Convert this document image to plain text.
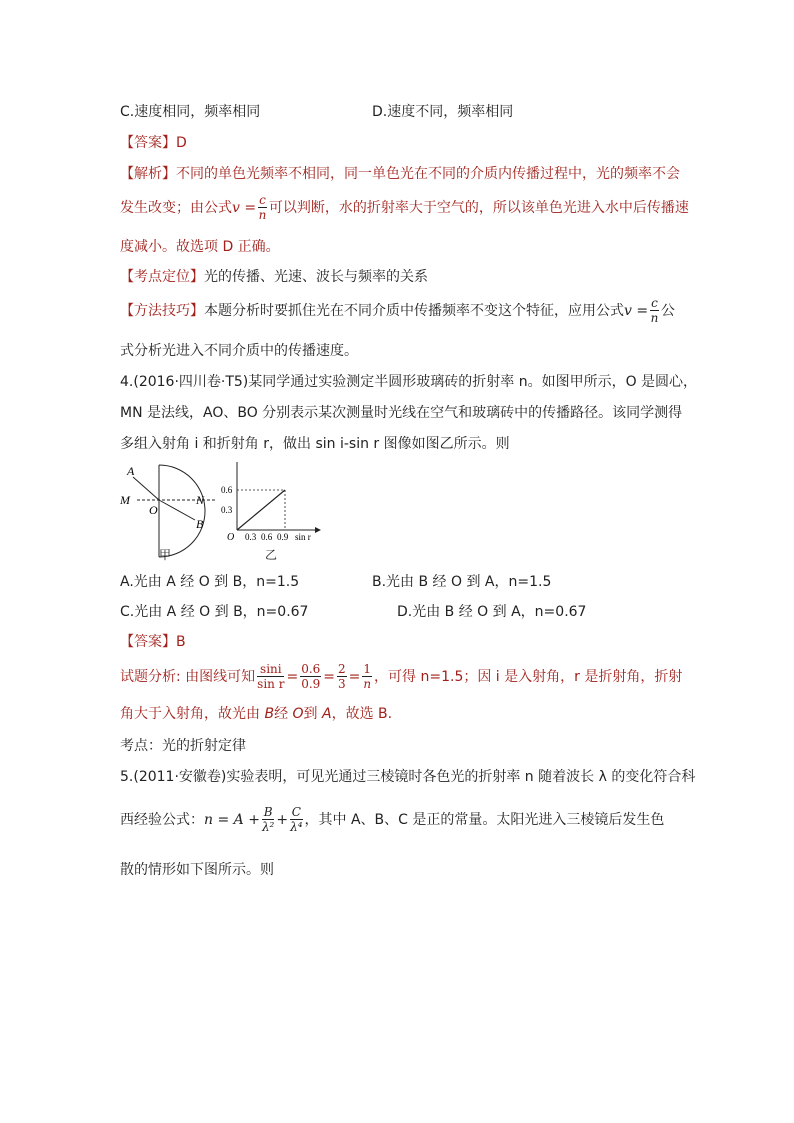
C.速度相同，频率相同	D.速度不同，频率相同
【答案】D
【解析】不同的单色光频率不相同，同一单色光在不同的介质内传播过程中，光的频率不会
发生改变；由公式$v = \frac{c}{n}$ 可以判断，水的折射率大于空气的，所以该单色光进入水中后传播速
度减小。故选项 D 正确。
【考点定位】光的传播、光速、波长与频率的关系
【方法技巧】本题分析时要抓住光在不同介质中传播频率不变这个特征，应用公式$v = \frac{c}{n}$ 公
式分析光进入不同介质中的传播速度。
4.(2016·四川卷·T5)某同学通过实验测定半圆形玻璃砖的折射率 n。如图甲所示，O 是圆心，
MN 是法线，AO、BO 分别表示某次测量时光线在空气和玻璃砖中的传播路径。该同学测得
多组入射角 i 和折射角 r，做出 sin i-sin r 图像如图乙所示。则
A
M
O
N
B
0.6
0.3
O 0.3 0.6 0.9 sin r
甲	乙
A.光由 A 经 O 到 B，n=1.5	B.光由 B 经 O 到 A，n=1.5
C.光由 A 经 O 到 B，n=0.67	D.光由 B 经 O 到 A，n=0.67
【答案】B
试题分析: 由图线可知 $\frac{\sin i}{\text{sin r}} = \frac{0.6}{0.9} = \frac{2}{3} = \frac{1}{n}$ ，可得 n=1.5；因 i 是入射角，r 是折射角，折射
角大于入射角，故光由 B经 O到 A，故选 B.
考点：光的折射定律
5.(2011·安徽卷)实验表明，可见光通过三棱镜时各色光的折射率 n 随着波长 λ 的变化符合科
西经验公式：$n = A + \frac{B}{\text{λ²}} + \frac{C}{\text{λ⁴}}$ ，其中 A、B、C 是正的常量。太阳光进入三棱镜后发生色
散的情形如下图所示。则
